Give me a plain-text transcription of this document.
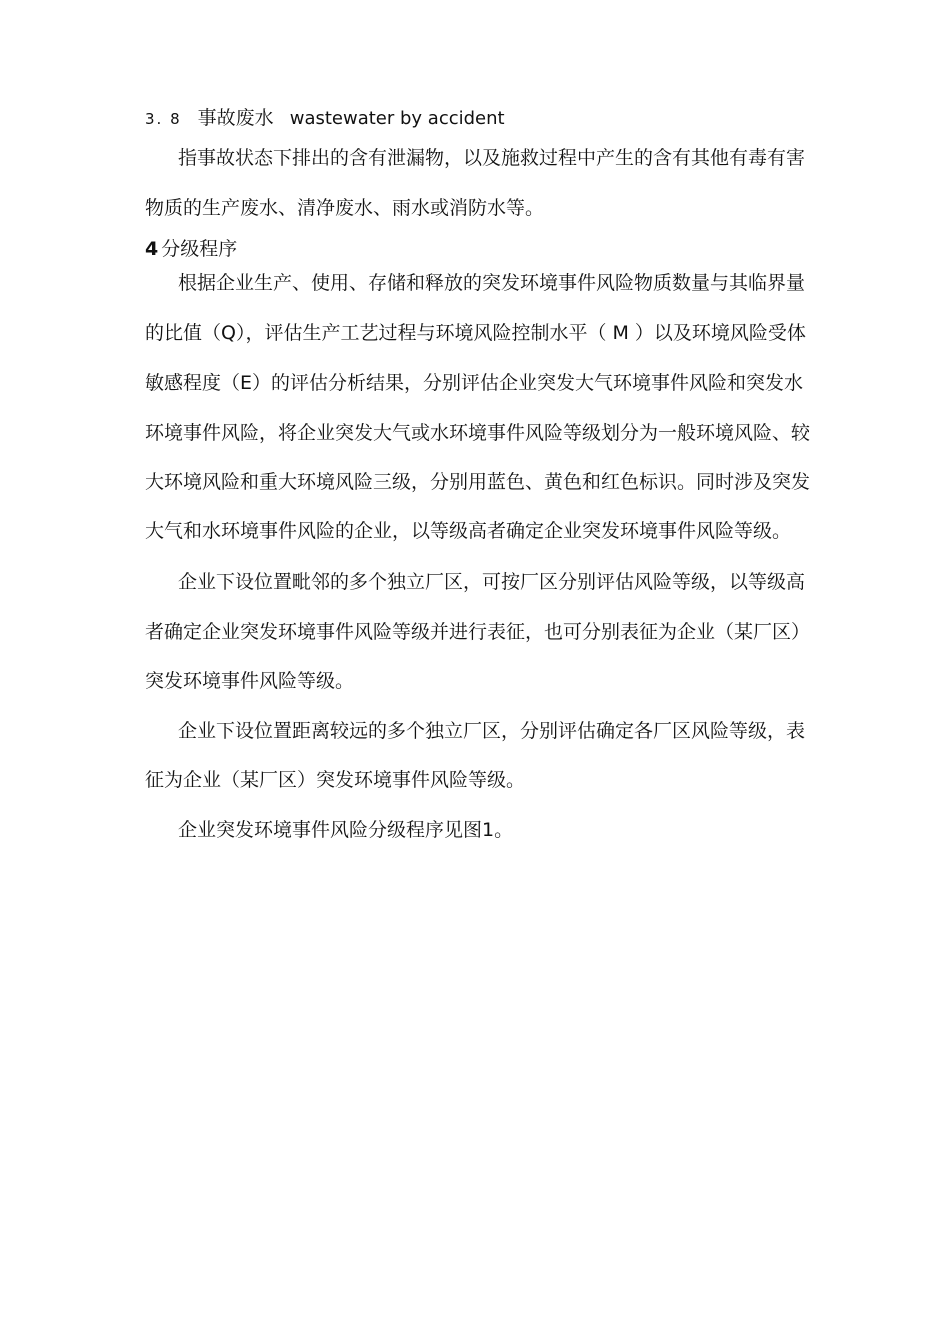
3. 8 事故废水 wastewater by accident
指事故状态下排出的含有泄漏物，以及施救过程中产生的含有其他有毒有害
物质的生产废水、清净废水、雨水或消防水等。
4 分级程序
根据企业生产、使用、存储和释放的突发环境事件风险物质数量与其临界量
的比值（Q），评估生产工艺过程与环境风险控制水平（ M ）以及环境风险受体
敏感程度（E）的评估分析结果，分别评估企业突发大气环境事件风险和突发水
环境事件风险，将企业突发大气或水环境事件风险等级划分为一般环境风险、较
大环境风险和重大环境风险三级，分别用蓝色、黄色和红色标识。同时涉及突发
大气和水环境事件风险的企业，以等级高者确定企业突发环境事件风险等级。
企业下设位置毗邻的多个独立厂区，可按厂区分别评估风险等级，以等级高
者确定企业突发环境事件风险等级并进行表征，也可分别表征为企业（某厂区）
突发环境事件风险等级。
企业下设位置距离较远的多个独立厂区，分别评估确定各厂区风险等级，表
征为企业（某厂区）突发环境事件风险等级。
企业突发环境事件风险分级程序见图1。
